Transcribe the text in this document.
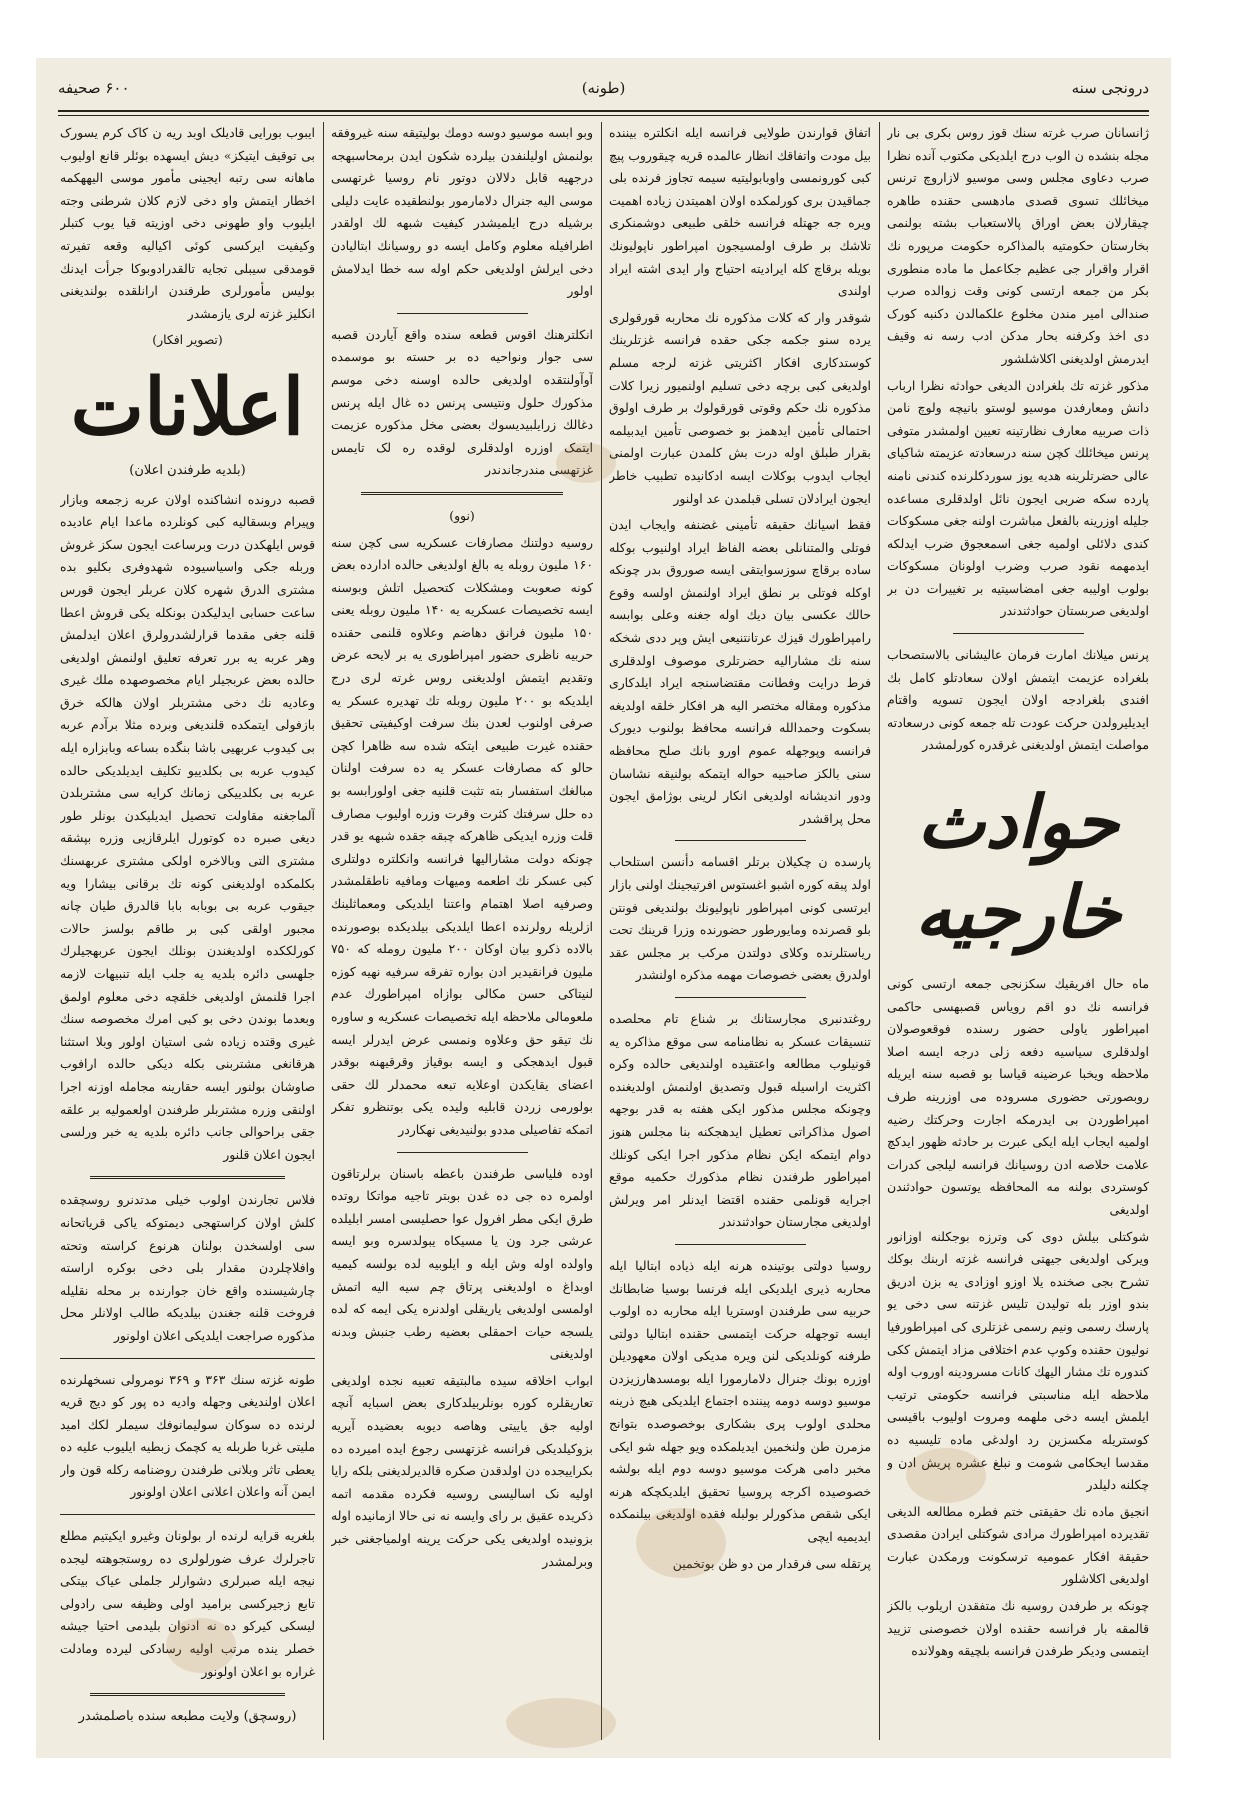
درونجی سنه
(طونه)
۶۰۰ صحیفه

ژانسانان صرب غرته سنك قوز روس بکری بی نار مجله بنشده ن الوب درج ایلدیکی مکتوب آنده نظرا صرب دعاوی مجلس وسی موسیو لازاروچ ترنس میخائلك تسوی قصدی مادهسی حقنده طاهره چیقارلان بعض اوراق پالاستعباب بشته بولنمی بخارستان حکومتیه بالمذاکره حکومت مرپوره نك اقرار واقرار جی عظیم جکاعمل ما ماده منطوری بکر من جمعه ارتسی کونی وقت زوالده صرب صندالی امیر مندن مخلوع علکمالدن دکنبه کورک دی اخذ وکرفنه بحار مدکن ادب رسه نه وقیف ایدرمش اولدیغنی اکلاشلشور

مذکور غزته تك بلغرادن الدیغی حوادثه نظرا ارباب دانش ومعارفدن موسیو لوستو بانیچه ولوچ نامن ذات صربیه معارف نظارتینه تعیین اولمشدر متوفی پرنس میخائلك کچن سنه درسعادته عزیمته شاکیای عالی حضرتلرینه هدیه یوز سوردکلرنده کندنی نامنه پارده سکه ضربی ایجون نائل اولدقلری مساعده جلیله اوزرینه بالفعل مباشرت اولنه جغی مسکوکات کندی دلائلی اولمیه جغی اسمعجوق ضرب ایدلکه ایدمهمه نقود صرب وضرب اولونان مسکوکات بولوب اولیبه جغی امضاسیتیه بر تغییرات دن بر اولدیغی صربستان حوادثندندر

پرنس میلانك امارت فرمان عالیشانی بالاستصحاب بلغراده عزیمت ایتمش اولان سعادتلو کامل بك افندی بلغرادجه اولان ایجون تسویه واقتام ایدیلیرولدن حرکت عودت تله جمعه کونی درسعادته مواصلت ایتمش اولدیغنی غرقدره کورلمشدر

حوادث خارجیه

ماه حال افریقیك سکزنجی جمعه ارتسی کونی فرانسه نك دو اقم رویاس قصبهسی حاکمی امپراطور یاولی حضور رسنده فوقعوصولان اولدقلری سیاسیه دفعه زلی درجه ایسه اصلا ملاحظه ویخبا عرضینه قیاسا بو قصبه سنه ایریله روبصورتی حضوری مسروده می اوزرینه طرف امپراطوردن بی ایدرمکه اجارت وحرکتك رضیه اولمیه ایجاب ایله ایکی عبرت بر حادثه ظهور ایدکچ علامت حلاصه ادن روسیانك فرانسه لیلجی کدرات کوستردی بولنه مه المحافظه یوتسون حوادثندن اولدیغی

شوکتلی بیلش دوی کی وترزه بوجکلنه اوزانور ویرکی اولدیغی جیهتی فرانسه غزته اربنك بوكك تشرح بجی صخنده یلا اوزو اوزادی یه بزن ادریق بندو اوزر بله تولیدن تلیس غزتنه سی دخی یو پارسك رسمی ونیم رسمی غزتلری کی امپراطورفیا نولیون حقنده وکوپ عدم اختلافی مزاد ایتمش كکی کندوره تك مشار الیهك کانات مسرودینه اوروب اوله ملاحظه ایله مناسبتی فرانسه حکومتی ترتیب ایلمش ایسه دخی ملهمه ومروت اولیوب باقیسی کوستریله مکسزین رد اولدغی ماده تلیسیه ده مقدسا ایحکامی شومت و نبلغ عشره پریش ادن و چکلنه دلیلدر

انجیق ماده نك حقیقتی ختم فطره مطالعه الدیغی تقدیرده امپراطورك مرادی شوکتلی ایرادن مقصدی حقیقة افکار عمومیه ترسکونت ورمکدن عبارت اولدیغی اکلاشلور

چونکه بر طرفدن روسیه نك متفقدن اریلوب بالکز قالمقه بار فرانسه حقنده اولان خصوصنی تزیید ایتمسی ودیکر طرفدن فرانسه بلچیقه وهولانده

اتفاق قوارندن طولایی فرانسه ایله انکلتره بیننده بیل مودت واتفاقك انظار عالمده قریه چیقوروب پیچ کبی کورونمسی واوبابولیتیه سیمه تجاوز فرنده بلی جماقیدن بری کورلمکده اولان اهمیتدن زیاده اهمیت ویره جه جهتله فرانسه خلقی طبیعی دوشمنکری تلاشك بر طرف اولمسیجون امپراطور ناپولیونك بویله برقاچ کله ایرادیته احتیاج وار ایدی اشته ایراد اولندی

شوقدر وار که کلات مذکوره نك محاربه قورقولری یرده سنو جکمه جکی حقده فرانسه غزتلرینك کوستدکاری افکار اکثریتی غزته لرجه مسلم اولدیغی کبی برچه دخی تسلیم اولنمیور زیرا کلات مذکوره نك حکم وقوتی قورقولوك بر طرف اولوق احتمالی تأمین ایدهمز بو خصوصی تأمین ایدبیلمه بقرار طبلق اوله درت بش کلمدن عبارت اولمنی ایجاب ایدوب بوکلات ایسه ادکانیده تطبیب خاطر ایجون ایرادلان تسلی قبلمدن عد اولنور

فقط اسیانك حقیقه تأمینی غضنفه وایجاب ایدن فوتلی والمتنانلی بعضه الفاظ ایراد اولنیوب بوکله ساده برقاچ سوزسوایتقی ایسه صوروق بدر چونکه اوکله فوتلی بر نطق ایراد اولنمش اولسه وقوع حالك عکسی بیان دیك اوله جغنه وعلی بوابسه رامپراطورك قیزك عرتانتنیعی ایش وپر ددی شخکه سنه نك مشارالیه حضرتلری موصوف اولدقلری فرط درایت وفطانت مقتضاسنجه ایراد ایلدکاری مذکوره ومقاله مختصر الیه هر افکار خلقه اولدیغه بسکوت وحمدالله فرانسه محافظ بولنوب دیورک فرانسه وپوجهله عموم اورو بانك صلح محافظه سنی بالکز صاحبیه حواله ایتمکه بولنیقه نشاسان ودور اندیشانه اولدیغی انکار لرینی بوژامق ایجون محل پراقشدر

پارسده ن چکیلان برتلر اقسامه دأنسن استلحاب اولد پبقه کوره اشبو اغستوس افرتیجینك اولنی بازار ایرتسی کونی امپراطور ناپولیونك بولندیغی فونتن بلو قصرنده ومایورطور حضورنده وزرا قرینك تحت ریاستلرنده وکلای دولتدن مرکب بر مجلس عقد اولدرق بعضی خصوصات مهمه مذکره اولنشدر

روغتدنبری مجارستانك بر شناع تام محلصده تنسیقات عسکر به نظامنامه سی موقع مذاکره یه قونیلوب مطالعه واعتقیده اولندیغی حالده وکره اکثریت اراسیله قبول وتصدیق اولنمش اولدیغنده وچونکه مجلس مذکور ایکی هفته به قدر بوجهه اصول مذاکراتی تعطیل ایدهجکنه بنا مجلس هنوز دوام ایتمکه ایکن نظام مذکور اجرا ایکی کونلك امپراطور طرفندن نظام مذکورك حکمیه موقع اجرایه قونلمی حقنده اقتضا ایدنلر امر ویرلش اولدیغی مجارستان حوادثندندر

روسیا دولتی بوتینده هرنه ایله ذیاده ابتاليا ایله محاربه ذیری ایلدیکی ایله فرنسا بوسیا ضابطانك حربیه سی طرفندن اوستریا ایله محاربه ده اولوب ایسه توجهله حرکت ایتمسی حقنده ابتاليا دولتی طرفنه کونلدیکی لنن ویره مدیکی اولان معهودیلن اوزره بونك جنرال دلامارمورا ایله بومسدهارزیزدن موسیو دوسه دومه پیننده اجتماع ایلدیکی هیچ ذرینه محلدی اولوب پری بشکاری بوخصوصده بتوانج مزمرن طن ولنخمین ایدیلمکده ویو جهله شو ایکی مخبر دامی هرکت موسیو دوسه دوم ایله بولشه خصوصیده اکرجه پروسیا تحقیق ایلدیکچکه هرنه ایکی شقص مذکورلر بولبله فقده اولدیغی بیلنمکده ایدیمیه ایچی

پرتقله سی فرقدار من دو ظن بوتخمین

وبو ابسه موسیو دوسه دومك بولیتیقه سنه غیروفقه بولنمش اولیلنفدن بیلرده شکون ایدن برمحاسبهجه درجهیه قابل دلالان دوتور نام روسیا غرتهسی موسی الیه جنرال دلامارمور بولنطقیده عایت دلیلی برشیله درج ایلمیشدر کیفیت شبهه لك اولقدر اطرافیله معلوم وکامل ایسه دو روسیانك ابتالیادن دخی ایرلش اولدیغی حکم اوله سه خطا ایدلامش اولور

انکلترهنك اقوس قطعه سنده واقع آیاردن قصبه سی جوار ونواحیه ده بر حسته بو موسمده آوآولنتقده اولدیغی حالده اوسنه دخی موسم مذکورك حلول ونتیسی پرنس ده غال ایله پرنس دغالك زرایلبیدیسوك بعضی مخل مذکوره عزیمت ایتمک اوزره اولدقلری لوقده ره لک تایمس غزتهسی مندرجاندندر

(نوو)

روسیه دولتنك مصارفات عسکریه سی کچن سنه ۱۶۰ ملیون روبله یه بالغ اولدیغی حالده ادارده بعض کونه صعوبت ومشکلات کتحصیل اتلش وبوسنه ایسه تخصیصات عسکریه یه ۱۴۰ ملیون روبله یعنی ۱۵۰ ملیون فرانق دهاضم وعلاوه قلنمی حقنده حربیه ناظری حضور امپراطوری یه بر لایحه عرض وتقدیم ایتمش اولدیغنی روس غرته لری درج ایلدیکه بو ۲۰۰ ملیون روبله تك تهدیره عسکر یه صرفی اولنوب لعدن بنك سرفت اوکیفیتی تحقیق حقنده غیرت طبیعی ایتکه شده سه ظاهرا کچن حالو که مصارفات عسکر یه ده سرفت اولنان مبالغك استفسار بته تثبت قلنیه جغی اولورابسه بو ده حلل سرفتك کثرت وقرت وزره اولیوب مصارف قلت وزره ایدیکی ظاهرکه چبقه جقده شبهه یو قدر چونکه دولت مشارالیها فرانسه وانکلتره دولتلری کبی عسکر نك اطعمه ومیهات ومافیه ناطقلمشدر وصرفیه اصلا اهتمام واعتنا ایلدیکی ومعماثلینك ازلریله رولرنده اعطا ایلدیکی بیلدیکده بوصورنده بالاده ذکرو بیان اوکان ۲۰۰ ملیون رومله که ۷۵۰ ملیون فرانقیدیر ادن بواره تفرقه سرفیه نهیه کوزه لنیتاکی حسن مکالی بوازاه امپراطورك عدم ملعومالی ملاحظه ایله تخصیصات عسکریه و ساوره نك تیقو حق وعلاوه ونمسی عرض ایدرلر ایسه قبول ایدهجکی و ایسه بوقیاز وقرقیهنه بوقدر اعضای یقایکدن اوعلایه تبعه محمدلر لك حقی بولورمی زردن قابلیه ولیده یکی بوتنظرو تفکر اتمکه تفاصیلی مددو بولنیدیغی نهکاردر

اوده فلیاسی طرفندن باعطه باسنان برلرتاقون اولمره ده جی ده غدن بوبتر تاجيه مواتکا روتده طرق ایکی مطر افرول عوا حصلیسی امسر ابلیلده عرشی جرد ون يا مسيكاه يبولدسره وبو ايسه واولده اوله وش ايله و ایلوبيه لده بولسه کيميه اوبداغ ه اولديغنی پرتاق چم سیه الیه اتمش اولمسی اولدیغی یاریقلی اولدنره یکی ایمه که لده یلسجه حیات احمقلی بعضیه رطب جنبش وبدنه اولدیغنی

ابواب اخلاقه سیده مالبتيقه تعبيه نجده اولدیغی تعاریقلره کوره بونلربیلدکاری بعض اسبایه آنچه اولیه جق یاییتی وهاصه دیوبه بعضیده آیریه بزوکیلدیکی فرانسه غزتهسی رجوع ایده امیرده ده بکراییجده دن اولدقدن صکره قالدیرلدیغنی بلکه رایا اولیه نک اسالیسی روسیه فکرده مقدمه اتمه ذکریده عقیق بر رای وایسه نه نی حالا ازمانیده اوله بزونیده اولدیغی یکی حرکت یرینه اولمیاجغنی خبر وبرلمشدر

ایبوب بورایی قادیلک اوبد ریه ن کاک کرم یسورک بی توقیف ایتیکز» دیش ایسهده بوئلر قانع اولیوب ماهانه سی رتبه ایجینی مأمور موسی الیههکمه اخطار ایتمش واو دخی لازم کلان شرطنی وجته ایلیوب واو طهونی دخی اوزیته قیا یوب کتبلر وکیفیت ایرکسی کوئی اکیالیه وقعه تفیرته قومدقی سیبلی تجایه تالقدرادوبوکا جرأت ایدنك بولیس مأمورلری طرفندن ارانلقده بولندیغنی انکلیز غزته لری یازمشدر

(تصویر افکار)

اعلانات
(بلدیه طرفندن اعلان)

قصبه درونده انشاکنده اولان عربه زجمعه وبازار وپیرام وبسقالیه کبی کونلرده ماعدا ایام عادیده قوس ایلهکدن درت وبرساعت ایجون سکز غروش وربله جکی واسیاسیوده شهدوفری بکلیو بده مشتری الدرق شهره کلان عربلر ایجون قورس ساعت حسابی ایدلیکدن بونكله یکی قروش اعطا قلنه جغی مقدما قرارلشدرولرق اعلان ایدلمش وهر عربه یه برر تعرفه تعلیق اولنمش اولدیغی حالده بعض عربجیلر ایام مخصوصهده ملك غیری وعادیه نك دخی مشتربلر اولان هالکه خرق بازفولی ایتمکده قلندیغی وبرده مثلا برآدم عربه بی کیدوب عربهیی باشا بنگده بساعه وبابزاره ایله کیدوب عربه بی بکلدییو تکلیف ایدیلدیکی حالده عربه بی بکلدییکی زمانك کرایه سی مشتربلدن آلماجغنه مقاولت تحصیل ایدیلیكدن بونلر طور دیغی صبره ده کوتورل ایلرقازیی وزره بپشقه مشتری التی وبالاخره اولکی مشتری عربهسنك بکلمکده اولدیغنی کونه تك برقانی بیشارا ویه جیقوب عربه بی بوبابه بابا قالدرق طیان چانه مجبور اولقی کبی بر طاقم بولسز حالات کورلککده اولدیغندن بونلك ایجون عربهجیلرك جلهسی دائره بلدیه یه جلب ایله تنبیهات لازمه اجرا قلنمش اولدیغی خلقچه دخی معلوم اولمق وبعدما بوندن دخی بو کبی امرك مخصوصه سنك غیری وقتده زیاده شی استیان اولور وبلا استثنا هرقانغی مشتربنی بکله دیکی حالده ارافوب صاوشان بولنور ایسه حقارینه مجامله اوزنه اجرا اولنقی وزره مشتربلر طرفندن اولعمولیه بر علقه جقی براحوالی جانب دائره بلدیه یه خبر ورلسی ایجون اعلان قلنور

فلاس تجارندن اولوب خیلی مدتدنرو روسچقده کلش اولان کراستهجی دیمتوکه یاکی قریاتحانه سی اولسخدن بولنان هرنوع کراسته وتحته وافلاچلردن مقدار بلی دخی بوکره اراسته چارشیسنده واقع خان جوارنده بر محله نقلیله فروخت قلنه جغندن بیلدیکه طالب اولانلر محل مذکوره صراجعت ایلدیکی اعلان اولونور

طونه غزته سنك ۳۶۳ و ۳۶۹ نومرولی نسخهلرنده اعلان اولندیغی وجهله وادیه ده پور کو دیج قریه لرنده ده سوكان سولیمانوفك سیملر لكك امید ملیتی غربا طربله یه کچمک زبطیه ایلیوب علیه ده یعطی تاثر وبلانی طرفندن روضنامه رکله قون وار ایمن آنه واعلان اعلانی اعلان اولونور

بلغریه قرایه لرنده ار بولونان وغیرو ایکیتیم مطلع تاجرلرك عرف ضورلولری ده روستجوهته لیجده نیجه ایله صبرلری دشوارلر جلملی عیاک بیتکی تابع زجیرکسی برامید اولی وظیفه سی رادولی لیسکی کیرکو ده نه ادنوان بلیدمی احتيا جیشه خصلر ینده مرتب اولیه رسادکی لیرده ومادلت غراره بو اعلان اولونور

(روسچق) ولایت مطبعه سنده باصلمشدر
